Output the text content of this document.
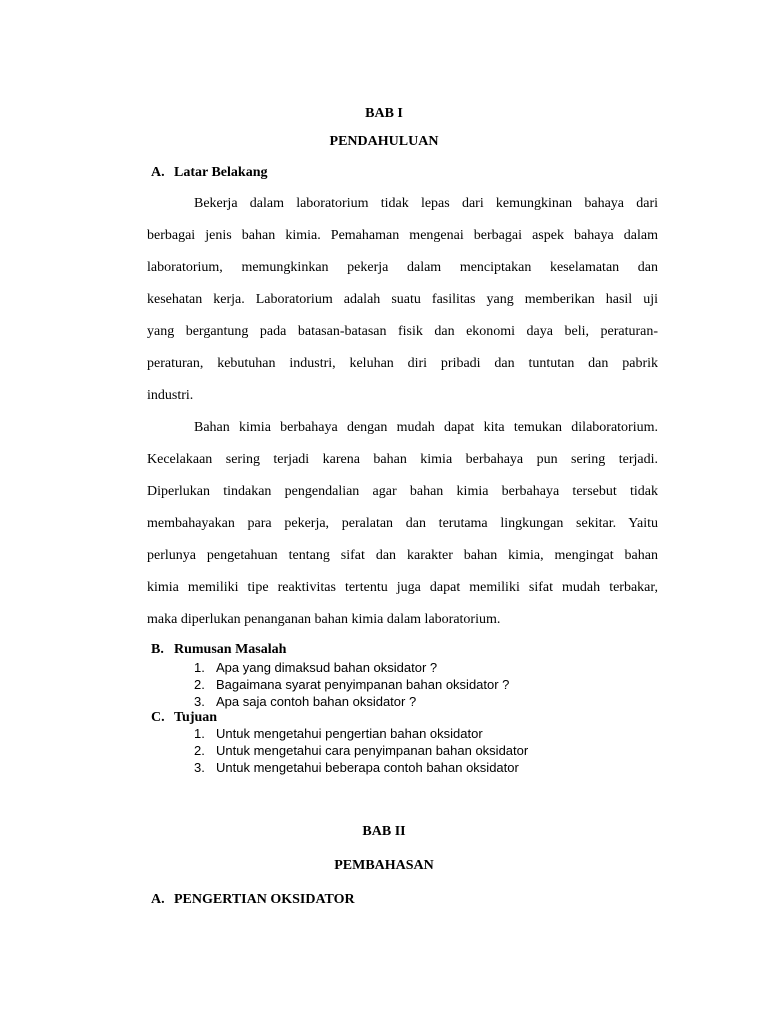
BAB I
PENDAHULUAN
A. Latar Belakang
Bekerja dalam laboratorium tidak lepas dari kemungkinan bahaya dari
berbagai jenis bahan kimia. Pemahaman mengenai berbagai aspek bahaya dalam
laboratorium, memungkinkan pekerja dalam menciptakan keselamatan dan
kesehatan kerja. Laboratorium adalah suatu fasilitas yang memberikan hasil uji
yang bergantung pada batasan-batasan fisik dan ekonomi daya beli, peraturan-
peraturan, kebutuhan industri, keluhan diri pribadi dan tuntutan dan pabrik
industri.
Bahan kimia berbahaya dengan mudah dapat kita temukan dilaboratorium.
Kecelakaan sering terjadi karena bahan kimia berbahaya pun sering terjadi.
Diperlukan tindakan pengendalian agar bahan kimia berbahaya tersebut tidak
membahayakan para pekerja, peralatan dan terutama lingkungan sekitar. Yaitu
perlunya pengetahuan tentang sifat dan karakter bahan kimia, mengingat bahan
kimia memiliki tipe reaktivitas tertentu juga dapat memiliki sifat mudah terbakar,
maka diperlukan penanganan bahan kimia dalam laboratorium.
B. Rumusan Masalah
1. Apa yang dimaksud bahan oksidator ?
2. Bagaimana syarat penyimpanan bahan oksidator ?
3. Apa saja contoh bahan oksidator ?
C. Tujuan
1. Untuk mengetahui pengertian bahan oksidator
2. Untuk mengetahui cara penyimpanan bahan oksidator
3. Untuk mengetahui beberapa contoh bahan oksidator
BAB II
PEMBAHASAN
A. PENGERTIAN OKSIDATOR
